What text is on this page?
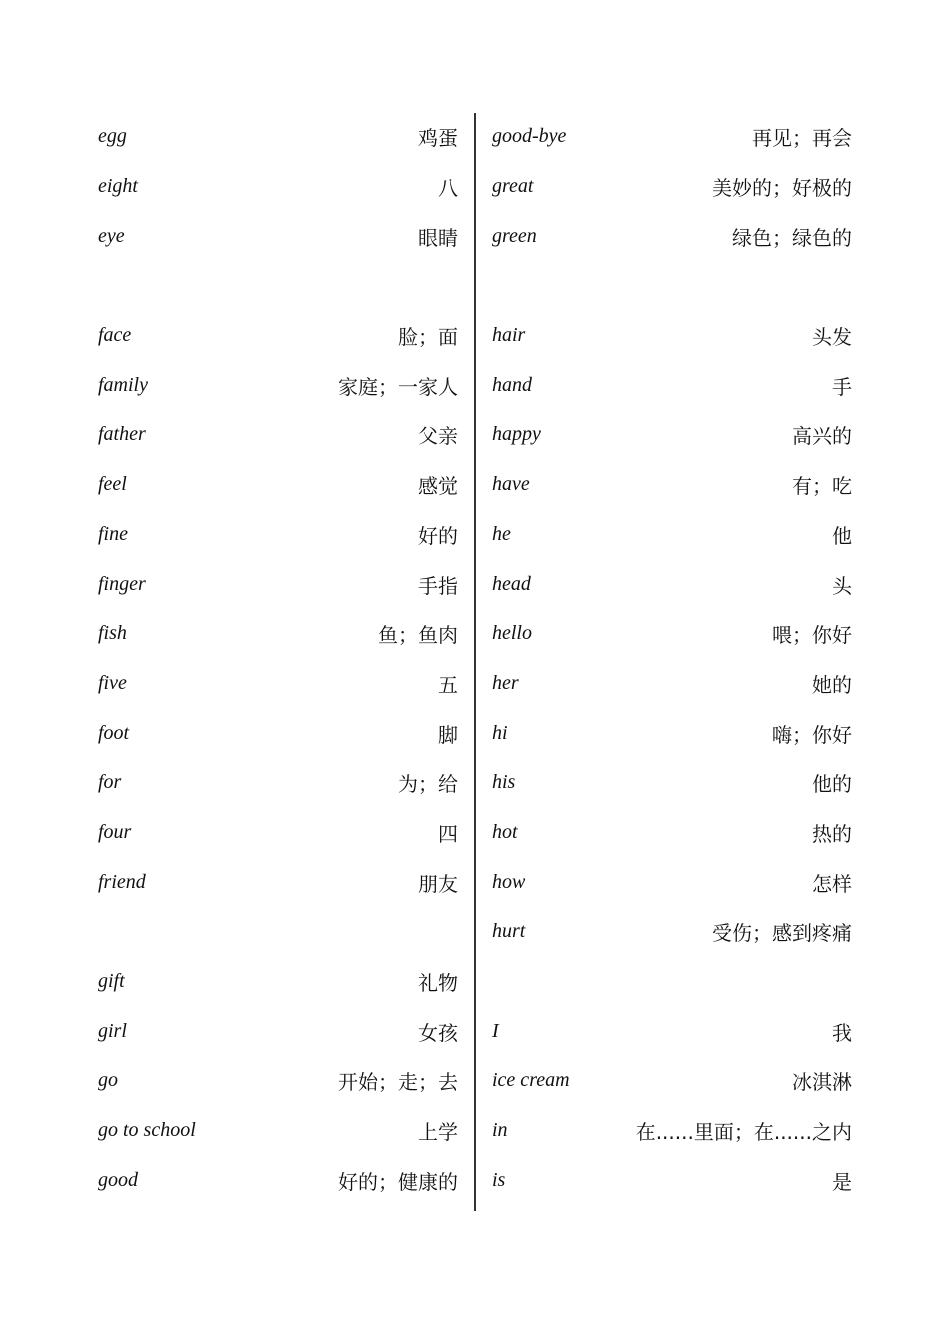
egg	鸡蛋
eight	八
eye	眼睛
face	脸；面
family	家庭；一家人
father	父亲
feel	感觉
fine	好的
finger	手指
fish	鱼；鱼肉
five	五
foot	脚
for	为；给
four	四
friend	朋友
gift	礼物
girl	女孩
go	开始；走；去
go to school	上学
good	好的；健康的
good-bye	再见；再会
great	美妙的；好极的
green	绿色；绿色的
hair	头发
hand	手
happy	高兴的
have	有；吃
he	他
head	头
hello	喂；你好
her	她的
hi	嗨；你好
his	他的
hot	热的
how	怎样
hurt	受伤；感到疼痛
I	我
ice cream	冰淇淋
in	在......里面；在......之内
is	是
